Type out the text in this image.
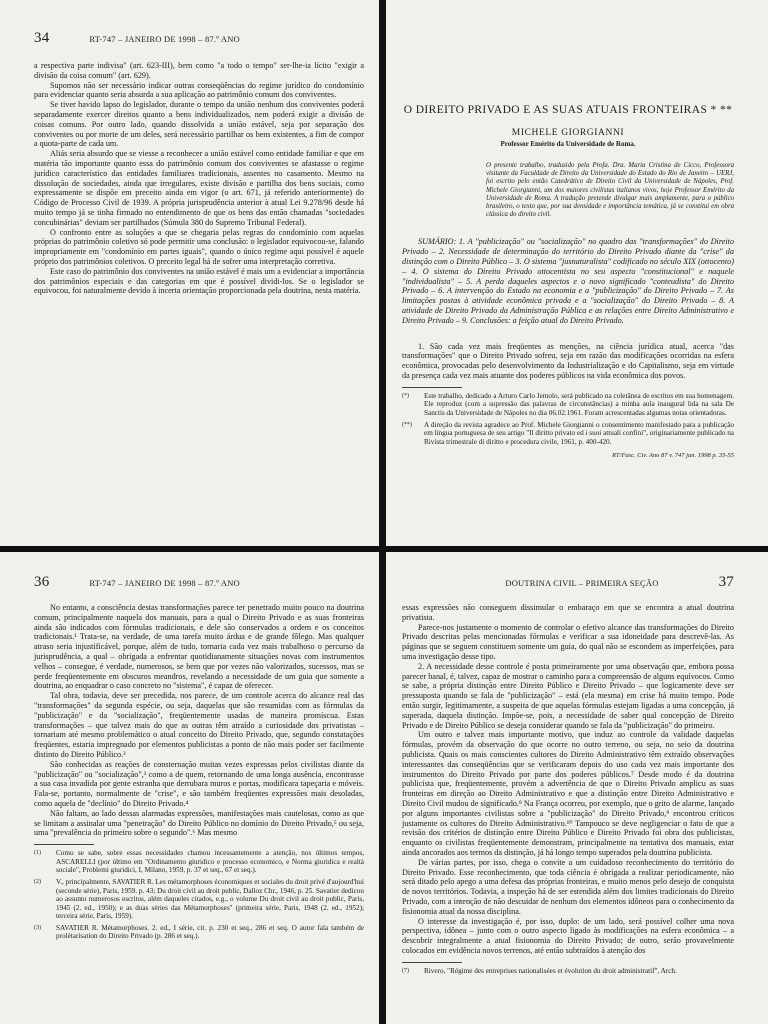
34	RT-747 – JANEIRO DE 1998 – 87.º ANO

a respectiva parte indivisa" (art. 623-III), bem como "a todo o tempo" ser-lhe-ia lícito "exigir a divisão da coisa comum" (art. 629).

Supomos não ser necessário indicar outras conseqüências do regime jurídico do condomínio para evidenciar quanto seria absurda a sua aplicação ao patrimônio comum dos conviventes.

Se tiver havido lapso do legislador, durante o tempo da união nenhum dos conviventes poderá separadamente exercer direitos quanto a bens individualizados, nem poderá exigir a divisão de coisas comuns. Por outro lado, quando dissolvida a união estável, seja por separação dos conviventes ou por morte de um deles, será necessário partilhar os bens existentes, a fim de compor a quota-parte de cada um.

Aliás seria absurdo que se viesse a reconhecer a união estável como entidade familiar e que em matéria tão importante quanto essa do patrimônio comum dos conviventes se afastasse o regime jurídico característico das entidades familiares tradicionais, assentes no casamento. Mesmo na dissolução de sociedades, ainda que irregulares, existe divisão e partilha dos bens sociais, como expressamente se dispõe em preceito ainda em vigor (o art. 671, já referido anteriormente) do Código de Processo Civil de 1939. A própria jurisprudência anterior à atual Lei 9.278/96 desde há muito tempo já se tinha firmado no entendimento de que os bens das então chamadas "sociedades concubinárias" deviam ser partilhados (Súmula 380 do Supremo Tribunal Federal).

O confronto entre as soluções a que se chegaria pelas regras do condomínio com aquelas próprias do patrimônio coletivo só pode permitir uma conclusão: o legislador equivocou-se, falando impropriamente em "condomínio em partes iguais", quando o único regime aqui possível é aquele próprio dos patrimônios coletivos. O preceito legal há de sofrer uma interpretação corretiva.

Este caso do patrimônio dos conviventes na união estável é mais um a evidenciar a importância dos patrimônios especiais e das categorias em que é possível dividi-los. Se o legislador se equivocou, foi naturalmente devido à incerta orientação proporcionada pela doutrina, nesta matéria.

O DIREITO PRIVADO E AS SUAS ATUAIS FRONTEIRAS * **
MICHELE GIORGIANNI
Professor Emérito da Universidade de Roma.
O presente trabalho, traduzido pela Profa. Dra. Maria Cristina de Cicco, Professora visitante da Faculdade de Direito da Universidade do Estado do Rio de Janeiro – UERJ, foi escrito pelo então Catedrático de Direito Civil da Universidade de Nápoles, Prof. Michele Giorgianni, um dos maiores civilistas italianos vivos, hoje Professor Emérito da Universidade de Roma. A tradução pretende divulgar mais amplamente, para o público brasileiro, o texto que, por sua densidade e importância temática, já se constitui em obra clássica do direito civil.
SUMÁRIO: 1. A "publicização" ou "socialização" no quadro das "transformações" do Direito Privado – 2. Necessidade de determinação do território do Direito Privado diante da "crise" da distinção com o Direito Público – 3. O sistema "jusnaturalista" codificado no século XIX (ottocento) – 4. O sistema do Direito Privado ottocentista no seu aspecto "constitucional" e naquele "individualista" – 5. A perda daqueles aspectos e o novo significado "conteudista" do Direito Privado – 6. A intervenção do Estado na economia e a "publicização" do Direito Privado – 7. As limitações postas à atividade econômica privada e a "socialização" do Direito Privado – 8. A atividade de Direito Privado da Administração Pública e as relações entre Direito Administrativo e Direito Privado – 9. Conclusões: a feição atual do Direito Privado.

1. São cada vez mais freqüentes as menções, na ciência jurídica atual, acerca "das transformações" que o Direito Privado sofreu, seja em razão das modificações ocorridas na esfera econômica, provocadas pelo desenvolvimento da Industrialização e do Capitalismo, seja em virtude da presença cada vez mais atuante dos poderes públicos na vida econômica dos povos.

(*) Este trabalho, dedicado a Arturo Carlo Jemolo, será publicado na coletânea de escritos em sua homenagem. Ele reproduz (com a supressão das palavras de circunstâncias) a minha aula inaugural lida na sala De Sanctis da Universidade de Nápoles no dia 06.02.1961. Foram acrescentadas algumas notas orientadoras.
(**) A direção da revista agradece ao Prof. Michele Giorgianni o consentimento manifestado para a publicação em língua portuguesa de seu artigo "Il diritto privato ed i suoi attuali confini", originariamente publicado na Rivista trimestrale di diritto e procedura civile, 1961, p. 400-420.
RT/Fasc. Civ. Ano 87 v. 747 jan. 1998 p. 35-55
36	RT-747 – JANEIRO DE 1998 – 87.º ANO

No entanto, a consciência destas transformações parece ter penetrado muito pouco na doutrina comum, principalmente naquela dos manuais, para a qual o Direito Privado e as suas fronteiras ainda são indicados com fórmulas tradicionais, e dele são conservados a ordem e os conceitos tradicionais.¹ Trata-se, na verdade, de uma tarefa muito árdua e de grande fôlego. Mas qualquer atraso seria injustificável, porque, além de tudo, tornaria cada vez mais trabalhoso o percurso da jurisprudência, a qual – obrigada a enfrentar quotidianamente situações novas com instrumentos velhos – consegue, é verdade, numerosos, se bem que por vezes não valorizados, sucessos, mas se perde freqüentemente em obscuros meandros, revelando a necessidade de um guia que somente a doutrina, ao enquadrar o caso concreto no "sistema", é capaz de oferecer.

Tal obra, todavia, deve ser precedida, nos parece, de um controle acerca do alcance real das "transformações" da segunda espécie, ou seja, daquelas que são resumidas com as fórmulas da "publicização" e da "socialização", freqüentemente usadas de maneira promíscua. Estas transformações – que talvez mais do que as outras têm atraído a curiosidade dos privatistas – tornariam até mesmo problemático o atual conceito do Direito Privado, que, segundo constatações freqüentes, estaria impregnado por elementos publicistas a ponto de não mais poder ser facilmente distinto do Direito Público.²

São conhecidas as reações de consternação muitas vezes expressas pelos civilistas diante da "publicização" ou "socialização",³ como a de quem, retornando de uma longa ausência, encontrasse a sua casa invadida por gente estranha que derrubara muros e portas, modificara tapeçaria e móveis. Fala-se, portanto, normalmente de "crise", e são também freqüentes expressões mais desoladas, como aquela de "declínio" do Direito Privado.⁴

Não faltam, ao lado dessas alarmadas expressões, manifestações mais cautelosas, como as que se limitam a assinalar uma "penetração" do Direito Público no domínio do Direito Privado,⁵ ou seja, uma "prevalência do primeiro sobre o segundo".⁶ Mas mesmo

(1) Como se sabe, sobre essas necessidades chamou incessantemente a atenção, nos últimos tempos, ASCARELLI (por último em "Ordinamento giuridico e processo economico, e Norma giuridica e realtà sociale", Problemi giuridici, I, Milano, 1959, p. 37 et seq., 67 et seq.).
(2) V., principalmente, SAVATIER R. Les métamorphoses économiques et sociales du droit privé d'aujourd'hui (seconde série), Paris, 1959. p. 43; Du droit civil au droit public, Dalloz Chr., 1946, p. 25. Savatier dedicou ao assunto numerosos escritos, além daqueles citados, e.g., o volume Du droit civil au droit public, Paris, 1945 (2. ed., 1950); e as duas séries das Métamorphoses" (primeira série, Paris, 1948 (2. ed., 1952); terceira série, Paris, 1959).
(3) SAVATIER R. Métamorphoses. 2. ed., I série, cit. p. 230 et seq., 286 et seq. O autor fala também de prolétarisation do Direito Privado (p. 286 et seq.).
DOUTRINA CIVIL – PRIMEIRA SEÇÃO	37

essas expressões não conseguem dissimular o embaraço em que se encontra a atual doutrina privatista.

Parece-nos justamente o momento de controlar o efetivo alcance das transformações do Direito Privado descritas pelas mencionadas fórmulas e verificar a sua idoneidade para descrevê-las. As páginas que se seguem constituem somente um guia, do qual não se escondem as imperfeições, para uma investigação desse tipo.

2. A necessidade desse controle é posta primeiramente por uma observação que, embora possa parecer banal, é, talvez, capaz de mostrar o caminho para a compreensão de alguns equívocos. Como se sabe, a própria distinção entre Direito Público e Direito Privado – que logicamente deve ser pressuposta quando se fala de "publicização" – está (ela mesma) em crise há muito tempo. Pode então surgir, legitimamente, a suspeita de que aquelas fórmulas estejam ligadas a uma concepção, já superada, daquela distinção. Impõe-se, pois, a necessidade de saber qual concepção de Direito Privado e de Direito Público se deseja considerar quando se fala da "publicização" do primeiro.

Um outro e talvez mais importante motivo, que induz ao controle da validade daquelas fórmulas, provém da observação do que ocorre no outro terreno, ou seja, no seio da doutrina publicista. Quais os mais conscientes cultores do Direito Administrativo têm extraído observações interessantes das conseqüências que se verificaram depois do uso cada vez mais importante dos instrumentos do Direito Privado por parte dos poderes públicos.⁷ Desde modo é da doutrina publicista que, freqüentemente, provém a advertência de que o Direito Privado amplicu as suas fronteiras em direção ao Direito Administrativo e que a distinção entre Direito Administrativo e Direito Civil mudou de significado.⁸ Na França ocorreu, por exemplo, que o grito de alarme, lançado por alguns importantes civilistas sobre a "publicização" do Direito Privado,⁹ encontrou críticos justamente os cultores do Direito Administrativo.¹⁰ Tampouco se deve negligenciar o fato de que a revisão dos critérios de distinção entre Direito Público e Direito Privado foi obra dos publicistas, enquanto os civilistas freqüentemente demonstram, principalmente na tentativa dos manuais, estar ainda ancorados aos termos da distinção, já há longo tempo superados pela doutrina publicista.

De várias partes, por isso, chega o convite a um cuidadoso reconhecimento do território do Direito Privado. Esse reconhecimento, que toda ciência é obrigada a realizar periodicamente, não será ditado pelo apego a uma defesa das próprias fronteiras, e muito menos pelo desejo de conquista de novos territórios. Todavia, a inspeção há de ser estendida além dos limites tradicionais do Direito Privado, com a intenção de não descuidar de nenhum dos elementos idôneos para o conhecimento da fisionomia atual da nossa disciplina.

O interesse da investigação é, por isso, duplo: de um lado, será possível colher uma nova perspectiva, idônea – junto com o outro aspecto ligado às modificações na esfera econômica – a descobrir integralmente a atual fisionomia do Direito Privado; de outro, serão provavelmente colocados em evidência novos terrenos, até então subtraídos à atenção dos

(7) Rivero, "Régime des entreprises nationalisées et évolution du droit administratif", Arch.
